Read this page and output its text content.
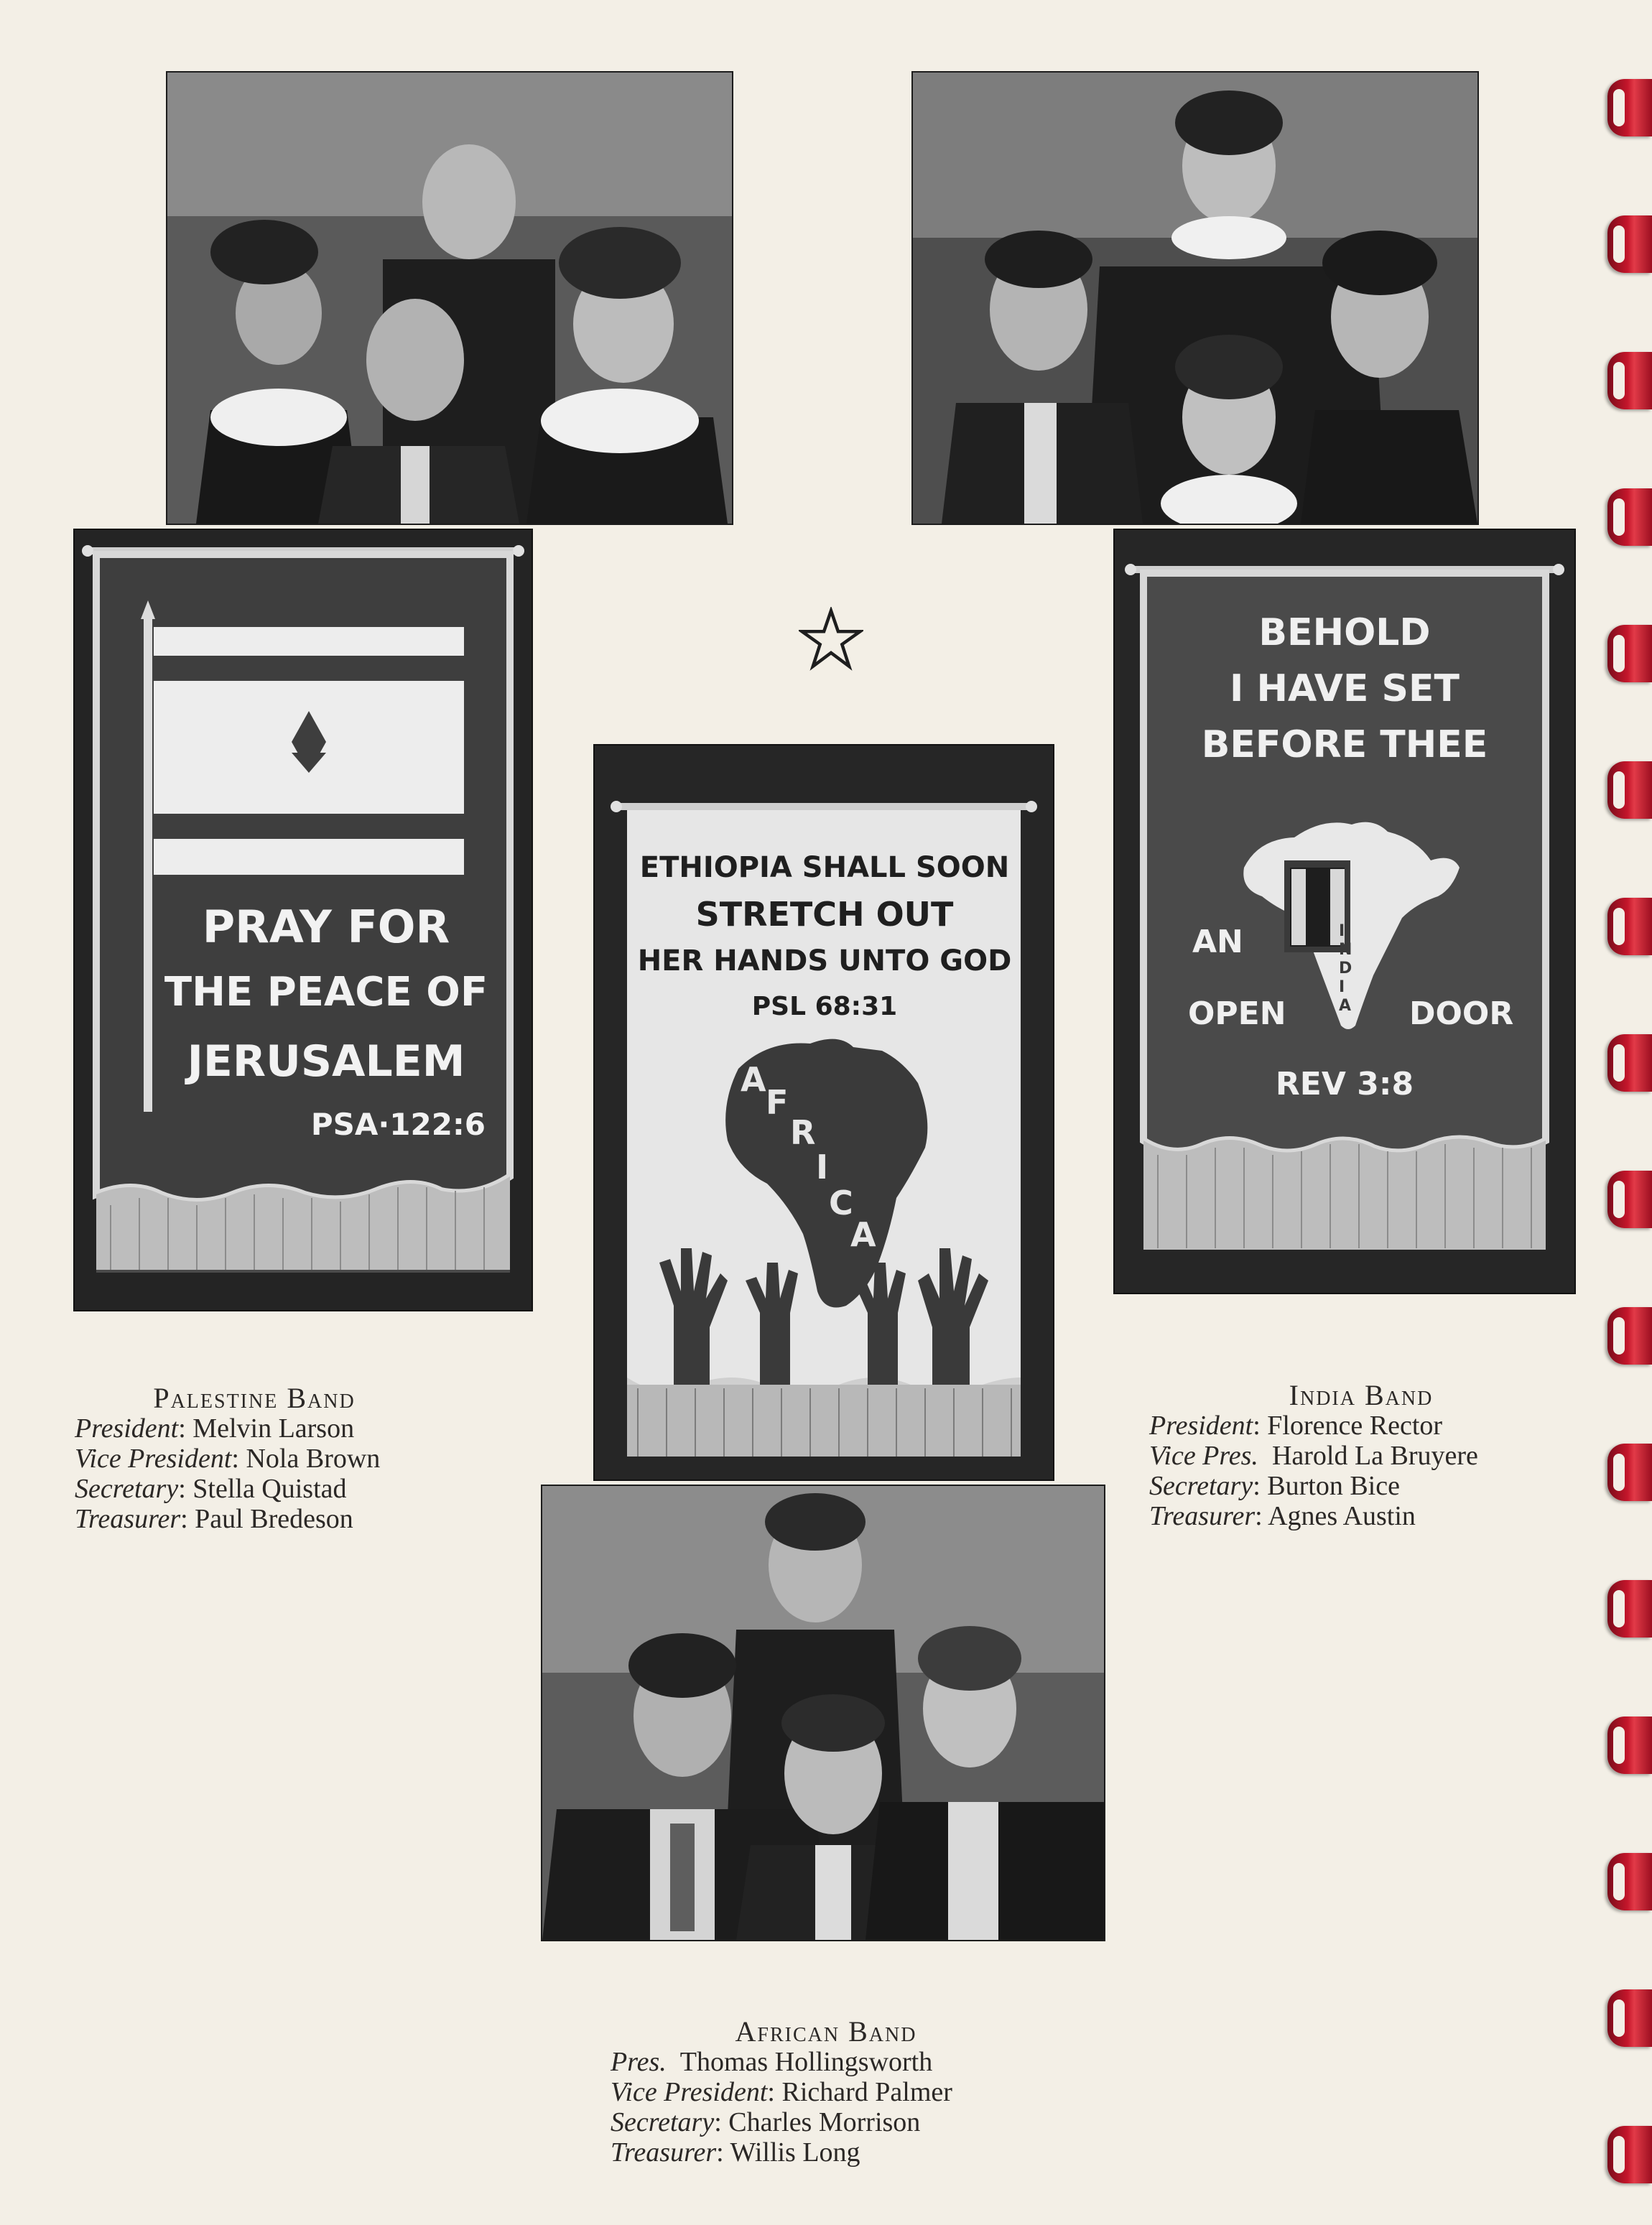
PRAY FOR
THE PEACE OF
JERUSALEM
PSA·122:6
ETHIOPIA SHALL SOON
STRETCH OUT
HER HANDS UNTO GOD
PSL 68:31
A
F
R
I
C
A
BEHOLD
I HAVE SET
BEFORE THEE
I
N
D
I
A
AN
OPEN	DOOR
REV 3:8
Palestine Band
President: Melvin Larson
Vice President: Nola Brown
Secretary: Stella Quistad
Treasurer: Paul Bredeson
India Band
President: Florence Rector
Vice Pres. Harold La Bruyere
Secretary: Burton Bice
Treasurer: Agnes Austin
African Band
Pres. Thomas Hollingsworth
Vice President: Richard Palmer
Secretary: Charles Morrison
Treasurer: Willis Long
